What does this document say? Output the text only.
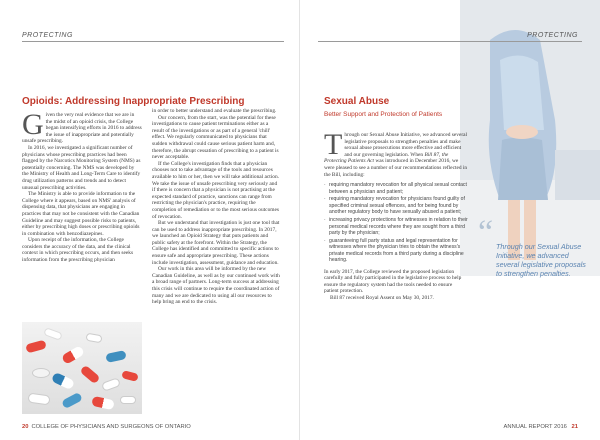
PROTECTING
Opioids: Addressing Inappropriate Prescribing

Given the very real evidence that we are in the midst of an opioid crisis, the College began intensifying efforts in 2016 to address the issue of inappropriate and potentially unsafe prescribing.

In 2016, we investigated a significant number of physicians whose prescribing practices had been flagged by the Narcotics Monitoring System (NMS) as potentially concerning. The NMS was developed by the Ministry of Health and Long-Term Care to identify drug utilization patterns and trends and to detect unusual prescribing activities.

The Ministry is able to provide information to the College where it appears, based on NMS' analysis of dispensing data, that physicians are engaging in practices that may not be consistent with the Canadian Guideline and may suggest possible risks to patients, either by prescribing high doses or prescribing opioids in combination with benzodiazepines.

Upon receipt of the information, the College considers the accuracy of the data, and the clinical context in which prescribing occurs, and then seeks information from the prescribing physician

in order to better understand and evaluate the prescribing.

Our concern, from the start, was the potential for these investigations to cause patient terminations either as a result of the investigations or as part of a general 'chill' effect. We regularly communicated to physicians that sudden withdrawal could cause serious patient harm and, therefore, the abrupt cessation of prescribing to a patient is never acceptable.

If the College's investigation finds that a physician chooses not to take advantage of the tools and resources available to him or her, then we will take additional action. We take the issue of unsafe prescribing very seriously and if there is concern that a physician is not practising at the expected standard of practice, sanctions can range from restricting the physician's practice, requiring the completion of remediation or to the most serious outcomes of revocation.

But we understand that investigation is just one tool that can be used to address inappropriate prescribing. In 2017, we launched an Opioid Strategy that puts patients and public safety at the forefront. Within the Strategy, the College has identified and committed to specific actions to ensure safe and appropriate prescribing. These actions include investigation, assessment, guidance and education.

Our work in this area will be informed by the new Canadian Guideline, as well as by our continued work with a broad range of partners. Long-term success at addressing this crisis will continue to require the coordinated action of many and we are dedicated to using all our resources to help bring an end to the crisis.

20 COLLEGE OF PHYSICIANS AND SURGEONS OF ONTARIO
PROTECTING
Sexual Abuse
Better Support and Protection of Patients

Through our Sexual Abuse Initiative, we advanced several legislative proposals to strengthen penalties and make sexual abuse prosecutions more effective and efficient and our governing legislation. When Bill 87, the Protecting Patients Act was introduced in December 2016, we were pleased to see a number of our recommendations reflected in the Bill, including:

· requiring mandatory revocation for all physical sexual contact between a physician and patient;
· requiring mandatory revocation for physicians found guilty of specified criminal sexual offences, and for being found by another regulatory body to have sexually abused a patient;
· increasing privacy protections for witnesses in relation to their personal medical records where they are sought from a third party by the physician;
· guaranteeing full party status and legal representation for witnesses where the physician tries to obtain the witness's private medical records from a third party during a discipline hearing.

In early 2017, the College reviewed the proposed legislation carefully and fully participated in the legislative process to help ensure the regulatory system had the tools needed to ensure patient protection.

Bill 87 received Royal Assent on May 30, 2017.

“ Through our Sexual Abuse Initiative, we advanced several legislative proposals to strengthen penalties.
ANNUAL REPORT 2016 21
